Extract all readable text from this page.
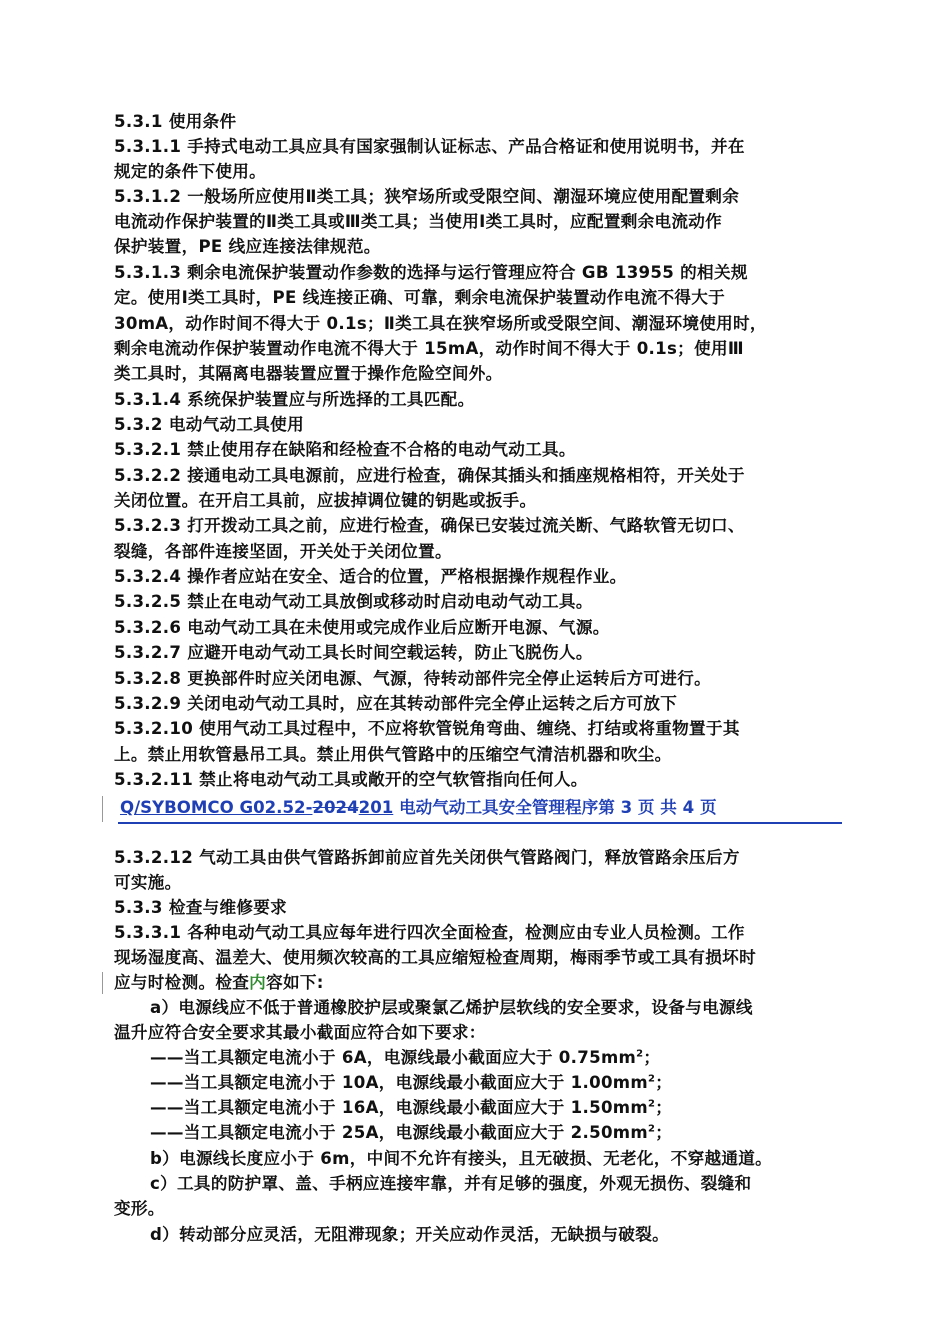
5.3.1 使用条件
5.3.1.1 手持式电动工具应具有国家强制认证标志、产品合格证和使用说明书，并在
规定的条件下使用。
5.3.1.2 一般场所应使用Ⅱ类工具；狭窄场所或受限空间、潮湿环境应使用配置剩余
电流动作保护装置的Ⅱ类工具或Ⅲ类工具；当使用Ⅰ类工具时，应配置剩余电流动作
保护装置，PE 线应连接法律规范。
5.3.1.3 剩余电流保护装置动作参数的选择与运行管理应符合 GB 13955 的相关规
定。使用Ⅰ类工具时，PE 线连接正确、可靠，剩余电流保护装置动作电流不得大于
30mA，动作时间不得大于 0.1s；Ⅱ类工具在狭窄场所或受限空间、潮湿环境使用时，
剩余电流动作保护装置动作电流不得大于 15mA，动作时间不得大于 0.1s；使用Ⅲ
类工具时，其隔离电器装置应置于操作危险空间外。
5.3.1.4 系统保护装置应与所选择的工具匹配。
5.3.2 电动气动工具使用
5.3.2.1 禁止使用存在缺陷和经检查不合格的电动气动工具。
5.3.2.2 接通电动工具电源前，应进行检查，确保其插头和插座规格相符，开关处于
关闭位置。在开启工具前，应拔掉调位键的钥匙或扳手。
5.3.2.3 打开拨动工具之前，应进行检查，确保已安装过流关断、气路软管无切口、
裂缝，各部件连接坚固，开关处于关闭位置。
5.3.2.4 操作者应站在安全、适合的位置，严格根据操作规程作业。
5.3.2.5 禁止在电动气动工具放倒或移动时启动电动气动工具。
5.3.2.6 电动气动工具在未使用或完成作业后应断开电源、气源。
5.3.2.7 应避开电动气动工具长时间空载运转，防止飞脱伤人。
5.3.2.8 更换部件时应关闭电源、气源，待转动部件完全停止运转后方可进行。
5.3.2.9 关闭电动气动工具时，应在其转动部件完全停止运转之后方可放下
5.3.2.10 使用气动工具过程中，不应将软管锐角弯曲、缠绕、打结或将重物置于其
上。禁止用软管悬吊工具。禁止用供气管路中的压缩空气清洁机器和吹尘。
5.3.2.11 禁止将电动气动工具或敞开的空气软管指向任何人。
Q/SYBOMCO G02.52-2024201 电动气动工具安全管理程序第 3 页 共 4 页
5.3.2.12 气动工具由供气管路拆卸前应首先关闭供气管路阀门，释放管路余压后方
可实施。
5.3.3 检查与维修要求
5.3.3.1 各种电动气动工具应每年进行四次全面检查，检测应由专业人员检测。工作
现场湿度高、温差大、使用频次较高的工具应缩短检查周期，梅雨季节或工具有损坏时
应与时检测。检查内容如下:
a）电源线应不低于普通橡胶护层或聚氯乙烯护层软线的安全要求，设备与电源线
温升应符合安全要求其最小截面应符合如下要求：
——当工具额定电流小于 6A，电源线最小截面应大于 $0.75mm^2$；
——当工具额定电流小于 10A，电源线最小截面应大于 $1.00mm^2$；
——当工具额定电流小于 16A，电源线最小截面应大于 $1.50mm^2$；
——当工具额定电流小于 25A，电源线最小截面应大于 $2.50mm^2$；
b）电源线长度应小于 6m，中间不允许有接头，且无破损、无老化，不穿越通道。
c）工具的防护罩、盖、手柄应连接牢靠，并有足够的强度，外观无损伤、裂缝和
变形。
d）转动部分应灵活，无阻滞现象；开关应动作灵活，无缺损与破裂。
